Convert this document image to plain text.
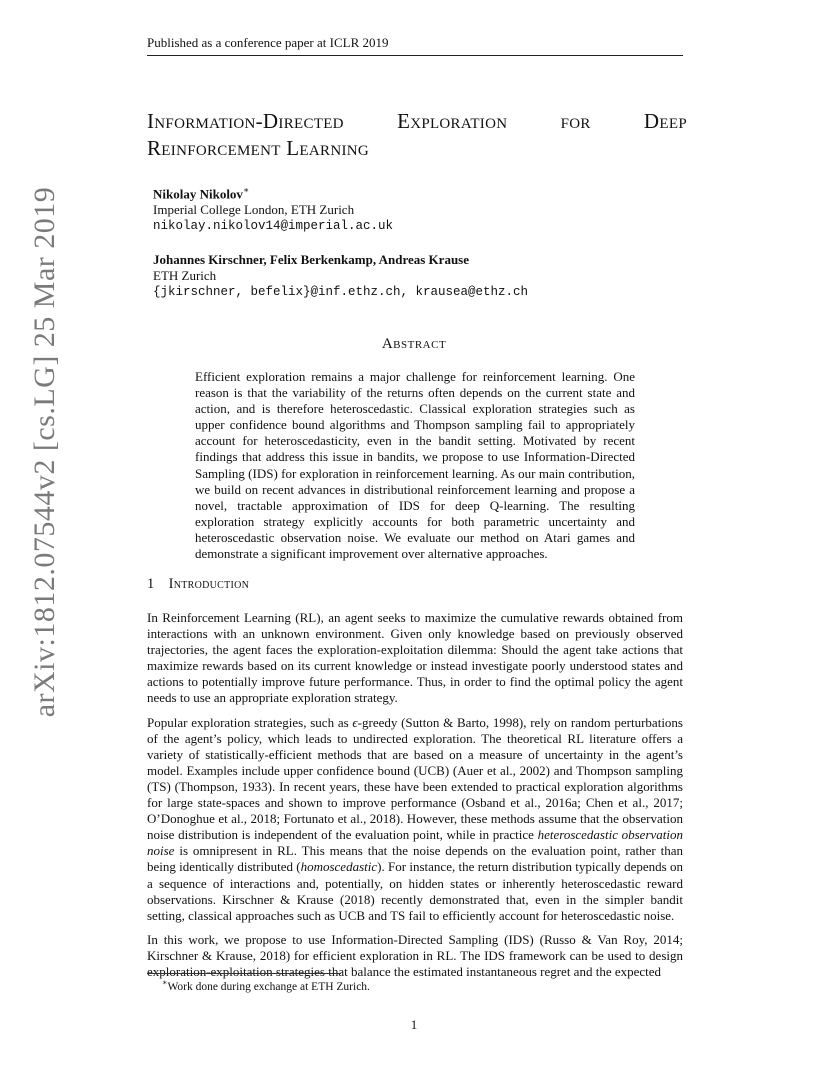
Published as a conference paper at ICLR 2019
Information-Directed	Exploration	for	Deep
Reinforcement Learning
Nikolay Nikolov∗
Imperial College London, ETH Zurich
nikolay.nikolov14@imperial.ac.uk
Johannes Kirschner, Felix Berkenkamp, Andreas Krause
ETH Zurich
{jkirschner, befelix}@inf.ethz.ch, krausea@ethz.ch
arXiv:1812.07544v2 [cs.LG] 25 Mar 2019	Abstract
Efficient exploration remains a major challenge for reinforcement learning. One reason is that the variability of the returns often depends on the current state and action, and is therefore heteroscedastic. Classical exploration strategies such as upper confidence bound algorithms and Thompson sampling fail to appropriately account for heteroscedasticity, even in the bandit setting. Motivated by recent findings that address this issue in bandits, we propose to use Information-Directed Sampling (IDS) for exploration in reinforcement learning. As our main contribution, we build on recent advances in distributional reinforcement learning and propose a novel, tractable approximation of IDS for deep Q-learning. The resulting exploration strategy explicitly accounts for both parametric uncertainty and heteroscedastic observation noise. We evaluate our method on Atari games and demonstrate a significant improvement over alternative approaches.
1 Introduction

In Reinforcement Learning (RL), an agent seeks to maximize the cumulative rewards obtained from interactions with an unknown environment. Given only knowledge based on previously observed trajectories, the agent faces the exploration-exploitation dilemma: Should the agent take actions that maximize rewards based on its current knowledge or instead investigate poorly understood states and actions to potentially improve future performance. Thus, in order to find the optimal policy the agent needs to use an appropriate exploration strategy.

Popular exploration strategies, such as ϵ-greedy (Sutton & Barto, 1998), rely on random perturbations of the agent’s policy, which leads to undirected exploration. The theoretical RL literature offers a variety of statistically-efficient methods that are based on a measure of uncertainty in the agent’s model. Examples include upper confidence bound (UCB) (Auer et al., 2002) and Thompson sampling (TS) (Thompson, 1933). In recent years, these have been extended to practical exploration algorithms for large state-spaces and shown to improve performance (Osband et al., 2016a; Chen et al., 2017; O’Donoghue et al., 2018; Fortunato et al., 2018). However, these methods assume that the observation noise distribution is independent of the evaluation point, while in practice heteroscedastic observation noise is omnipresent in RL. This means that the noise depends on the evaluation point, rather than being identically distributed (homoscedastic). For instance, the return distribution typically depends on a sequence of interactions and, potentially, on hidden states or inherently heteroscedastic reward observations. Kirschner & Krause (2018) recently demonstrated that, even in the simpler bandit setting, classical approaches such as UCB and TS fail to efficiently account for heteroscedastic noise.

In this work, we propose to use Information-Directed Sampling (IDS) (Russo & Van Roy, 2014; Kirschner & Krause, 2018) for efficient exploration in RL. The IDS framework can be used to design exploration-exploitation strategies that balance the estimated instantaneous regret and the expected

∗Work done during exchange at ETH Zurich.
1
